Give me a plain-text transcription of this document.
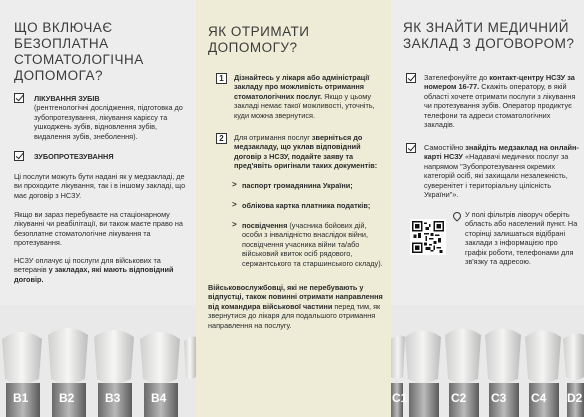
ЩО ВКЛЮЧАЄ БЕЗОПЛАТНА СТОМАТОЛОГІЧНА ДОПОМОГА?
ЛІКУВАННЯ ЗУБІВ
(рентгенологічні дослідження, підготовка до зубопротезування, лікування карієсу та ушкоджень зубів, відновлення зубів, видалення зубів, знеболення).
ЗУБОПРОТЕЗУВАННЯ

Ці послуги можуть бути надані як у медзакладі, де ви проходите лікування, так і в іншому закладі, що має договір з НСЗУ.

Якщо ви зараз перебуваєте на стаціонарному лікуванні чи реабілітації, ви також маєте право на безоплатне стоматологічне лікування та протезування.

НСЗУ оплачує ці послуги для військових та ветеранів у закладах, які мають відповідний договір.

B1	B2	B3	B4
ЯК ОТРИМАТИ ДОПОМОГУ?
1	Дізнайтесь у лікаря або адміністрації закладу про можливість отримання стоматологічних послуг. Якщо у цьому закладі немає такої можливості, уточніть, куди можна звернутися.

2	Для отримання послуг зверніться до медзакладу, що уклав відповідний договір з НСЗУ, подайте заяву та пред'явіть оригінали таких документів:

> паспорт громадянина України;

> облікова картка платника податків;

> посвідчення (учасника бойових дій, особи з інвалідністю внаслідок війни, посвідчення учасника війни та/або військовий квиток осіб рядового, сержантського та старшинського складу).

Військовослужбовці, які не перебувають у відпустці, також повинні отримати направлення від командира військової частини перед тим, як звернутися до лікаря для подальшого отримання направлення на послугу.

ЯК ЗНАЙТИ МЕДИЧНИЙ ЗАКЛАД З ДОГОВОРОМ?

Зателефонуйте до контакт-центру НСЗУ за номером 16-77. Скажіть оператору, в якій області хочете отримати послуги з лікування чи протезування зубів. Оператор продиктує телефони та адреси стоматологічних закладів.

Самостійно знайдіть медзаклад на онлайн-карті НСЗУ «Надавачі медичних послуг за напрямом "Зубопротезування окремих категорій осіб, які захищали незалежність, суверенітет і територіальну цілісність України"».

У полі фільтрів ліворуч оберіть область або населений пункт. На сторінці залишаться відібрані заклади з інформацією про графік роботи, телефонами для зв'язку та адресою.

C1	C2 C3 C4 D2
